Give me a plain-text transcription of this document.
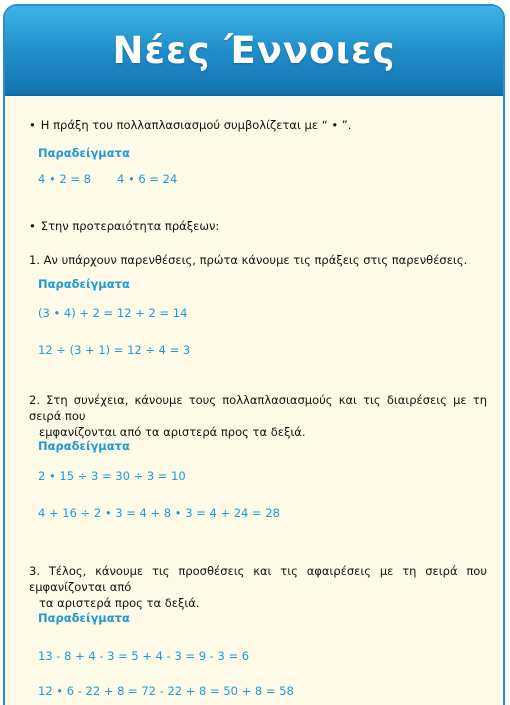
Νέες Έννοιες
• Η πράξη του πολλαπλασιασμού συμβολίζεται με “ • ”.
Παραδείγματα
4 • 2 = 8 4 • 6 = 24
• Στην προτεραιότητα πράξεων:
1. Αν υπάρχουν παρενθέσεις, πρώτα κάνουμε τις πράξεις στις παρενθέσεις.
Παραδείγματα
(3 • 4) + 2 = 12 + 2 = 14
12 ÷ (3 + 1) = 12 ÷ 4 = 3
2. Στη συνέχεια, κάνουμε τους πολλαπλασιασμούς και τις διαιρέσεις με τη σειρά που
εμφανίζονται από τα αριστερά προς τα δεξιά.
Παραδείγματα
2 • 15 ÷ 3 = 30 ÷ 3 = 10
4 + 16 ÷ 2 • 3 = 4 + 8 • 3 = 4 + 24 = 28
3. Τέλος, κάνουμε τις προσθέσεις και τις αφαιρέσεις με τη σειρά που εμφανίζονται από
τα αριστερά προς τα δεξιά.
Παραδείγματα
13 - 8 + 4 - 3 = 5 + 4 - 3 = 9 - 3 = 6
12 • 6 - 22 + 8 = 72 - 22 + 8 = 50 + 8 = 58
